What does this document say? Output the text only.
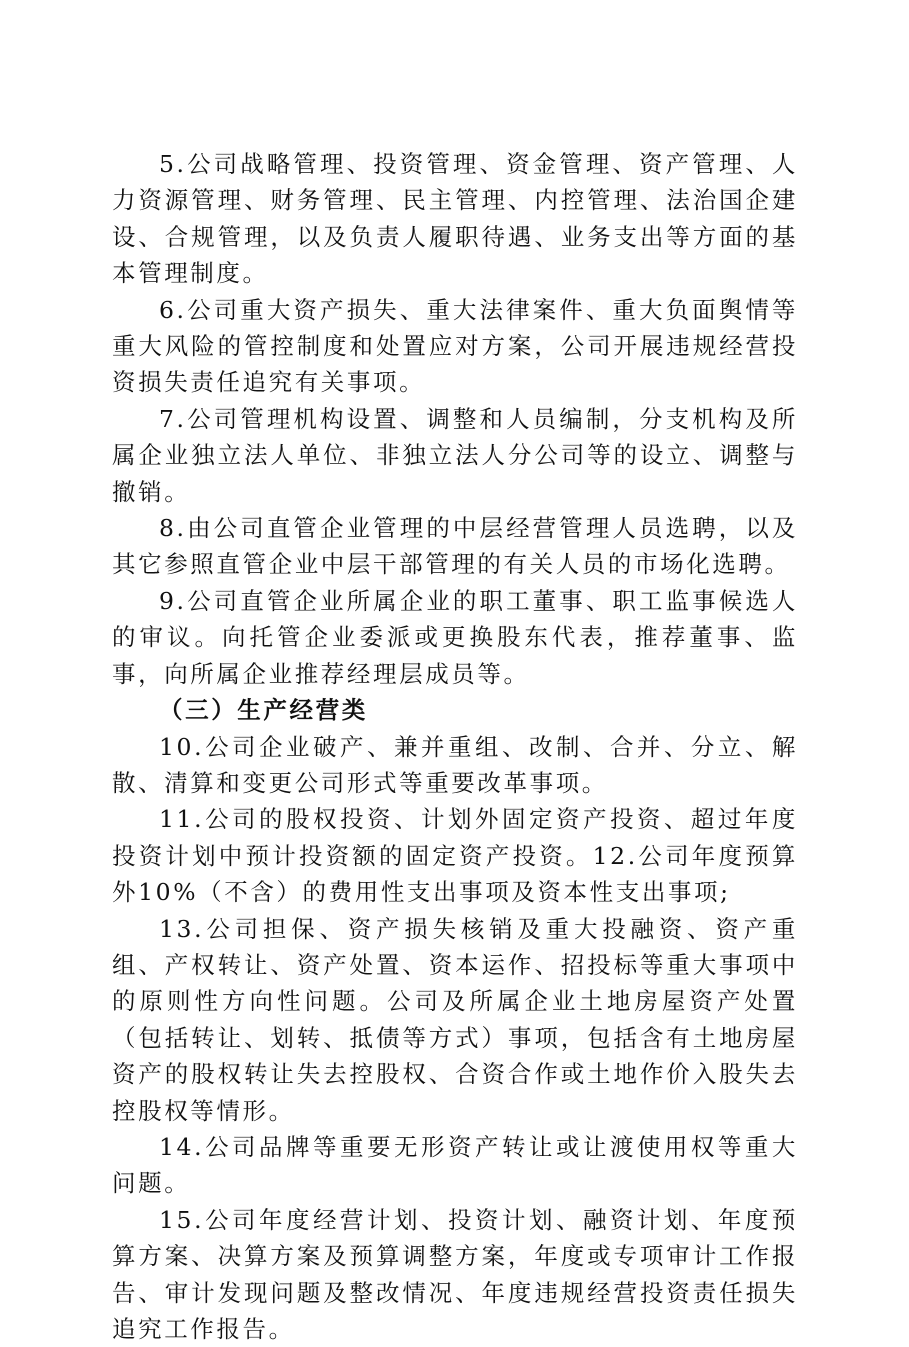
5.公司战略管理、投资管理、资金管理、资产管理、人力资源管理、财务管理、民主管理、内控管理、法治国企建设、合规管理，以及负责人履职待遇、业务支出等方面的基本管理制度。

6.公司重大资产损失、重大法律案件、重大负面舆情等重大风险的管控制度和处置应对方案，公司开展违规经营投资损失责任追究有关事项。

7.公司管理机构设置、调整和人员编制，分支机构及所属企业独立法人单位、非独立法人分公司等的设立、调整与撤销。

8.由公司直管企业管理的中层经营管理人员选聘，以及其它参照直管企业中层干部管理的有关人员的市场化选聘。

9.公司直管企业所属企业的职工董事、职工监事候选人的审议。向托管企业委派或更换股东代表，推荐董事、监事，向所属企业推荐经理层成员等。

（三）生产经营类

10.公司企业破产、兼并重组、改制、合并、分立、解散、清算和变更公司形式等重要改革事项。

11.公司的股权投资、计划外固定资产投资、超过年度投资计划中预计投资额的固定资产投资。12.公司年度预算外10%（不含）的费用性支出事项及资本性支出事项;

13.公司担保、资产损失核销及重大投融资、资产重组、产权转让、资产处置、资本运作、招投标等重大事项中的原则性方向性问题。公司及所属企业土地房屋资产处置（包括转让、划转、抵债等方式）事项，包括含有土地房屋资产的股权转让失去控股权、合资合作或土地作价入股失去控股权等情形。

14.公司品牌等重要无形资产转让或让渡使用权等重大问题。

15.公司年度经营计划、投资计划、融资计划、年度预算方案、决算方案及预算调整方案，年度或专项审计工作报告、审计发现问题及整改情况、年度违规经营投资责任损失追究工作报告。
